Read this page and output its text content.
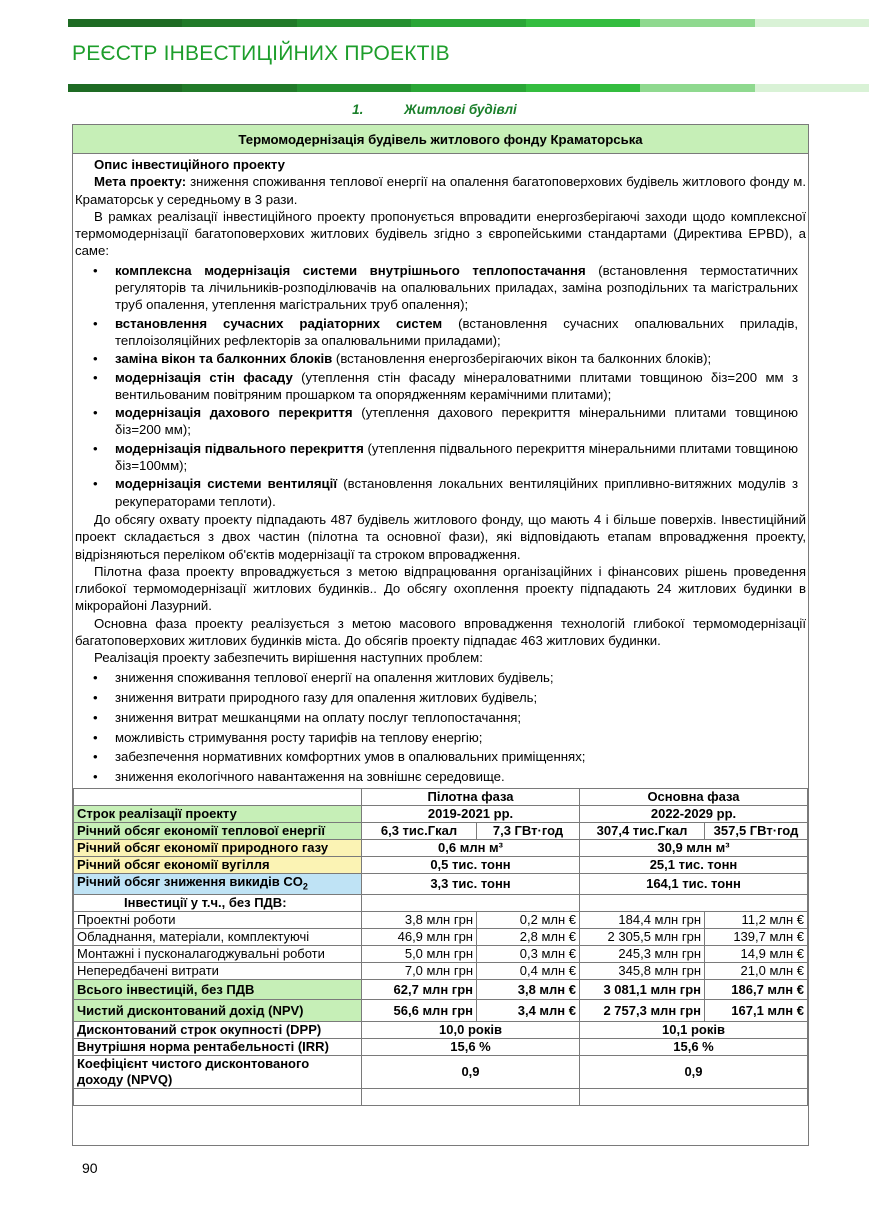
РЕЄСТР ІНВЕСТИЦІЙНИХ ПРОЕКТІВ
1.	Житлові будівлі
Термомодернізація будівель житлового фонду Краматорська

Опис інвестиційного проекту

Мета проекту: зниження споживання теплової енергії на опалення багатоповерхових будівель житлового фонду м. Краматорськ у середньому в 3 рази.

В рамках реалізації інвестиційного проекту пропонується впровадити енергозберігаючі заходи щодо комплексної термомодернізації багатоповерхових житлових будівель згідно з європейськими стандартами (Директива EPBD), а саме:

• комплексна модернізація системи внутрішнього теплопостачання (встановлення термостатичних регуляторів та лічильників-розподілювачів на опалювальних приладах, заміна розподільних та магістральних труб опалення, утеплення магістральних труб опалення);
• встановлення сучасних радіаторних систем (встановлення сучасних опалювальних приладів, теплоізоляційних рефлекторів за опалювальними приладами);
• заміна вікон та балконних блоків (встановлення енергозберігаючих вікон та балконних блоків);
• модернізація стін фасаду (утеплення стін фасаду мінераловатними плитами товщиною δіз=200 мм з вентильованим повітряним прошарком та опорядженням керамічними плитами);
• модернізація дахового перекриття (утеплення дахового перекриття мінеральними плитами товщиною δіз=200 мм);
• модернізація підвального перекриття (утеплення підвального перекриття мінеральними плитами товщиною δіз=100мм);
• модернізація системи вентиляції (встановлення локальних вентиляційних припливно-витяжних модулів з рекуператорами теплоти).

До обсягу охвату проекту підпадають 487 будівель житлового фонду, що мають 4 і більше поверхів. Інвестиційний проект складається з двох частин (пілотна та основної фази), які відповідають етапам впровадження проекту, відрізняються переліком об'єктів модернізації та строком впровадження.

Пілотна фаза проекту впроваджується з метою відпрацювання організаційних і фінансових рішень проведення глибокої термомодернізації житлових будинків.. До обсягу охоплення проекту підпадають 24 житлових будинки в мікрорайоні Лазурний.

Основна фаза проекту реалізується з метою масового впровадження технологій глибокої термомодернізації багатоповерхових житлових будинків міста. До обсягів проекту підпадає 463 житлових будинки.

Реалізація проекту забезпечить вирішення наступних проблем:

• зниження споживання теплової енергії на опалення житлових будівель;
• зниження витрати природного газу для опалення житлових будівель;
• зниження витрат мешканцями на оплату послуг теплопостачання;
• можливість стримування росту тарифів на теплову енергію;
• забезпечення нормативних комфортних умов в опалювальних приміщеннях;
• зниження екологічного навантаження на зовнішнє середовище.
	Пілотна фаза		Основна фаза	
Строк реалізації проекту	2019-2021 рр.		2022-2029 рр.	
Річний обсяг економії теплової енергії	6,3 тис.Гкал	7,3 ГВт·год	307,4 тис.Гкал	357,5 ГВт·год
Річний обсяг економії природного газу	0,6 млн м³		30,9 млн м³	
Річний обсяг економії вугілля	0,5 тис. тонн		25,1 тис. тонн	
Річний обсяг зниження викидів $CO_2$	3,3 тис. тонн		164,1 тис. тонн	
Інвестиції у т.ч., без ПДВ:				
Проектні роботи	3,8 млн грн	0,2 млн €	184,4 млн грн	11,2 млн €
Обладнання, матеріали, комплектуючі	46,9 млн грн	2,8 млн €	2 305,5 млн грн	139,7 млн €
Монтажні і пусконалагоджувальні роботи	5,0 млн грн	0,3 млн €	245,3 млн грн	14,9 млн €
Непередбачені витрати	7,0 млн грн	0,4 млн €	345,8 млн грн	21,0 млн €
Всього інвестицій, без ПДВ	62,7 млн грн	3,8 млн €	3 081,1 млн грн	186,7 млн €
Чистий дисконтований дохід (NPV)	56,6 млн грн	3,4 млн €	2 757,3 млн грн	167,1 млн €
Дисконтований строк окупності (DPP)	10,0 років		10,1 років	
Внутрішня норма рентабельності (IRR)	15,6 %		15,6 %	
Коефіцієнт чистого дисконтованого доходу (NPVQ)	0,9		0,9	

90
